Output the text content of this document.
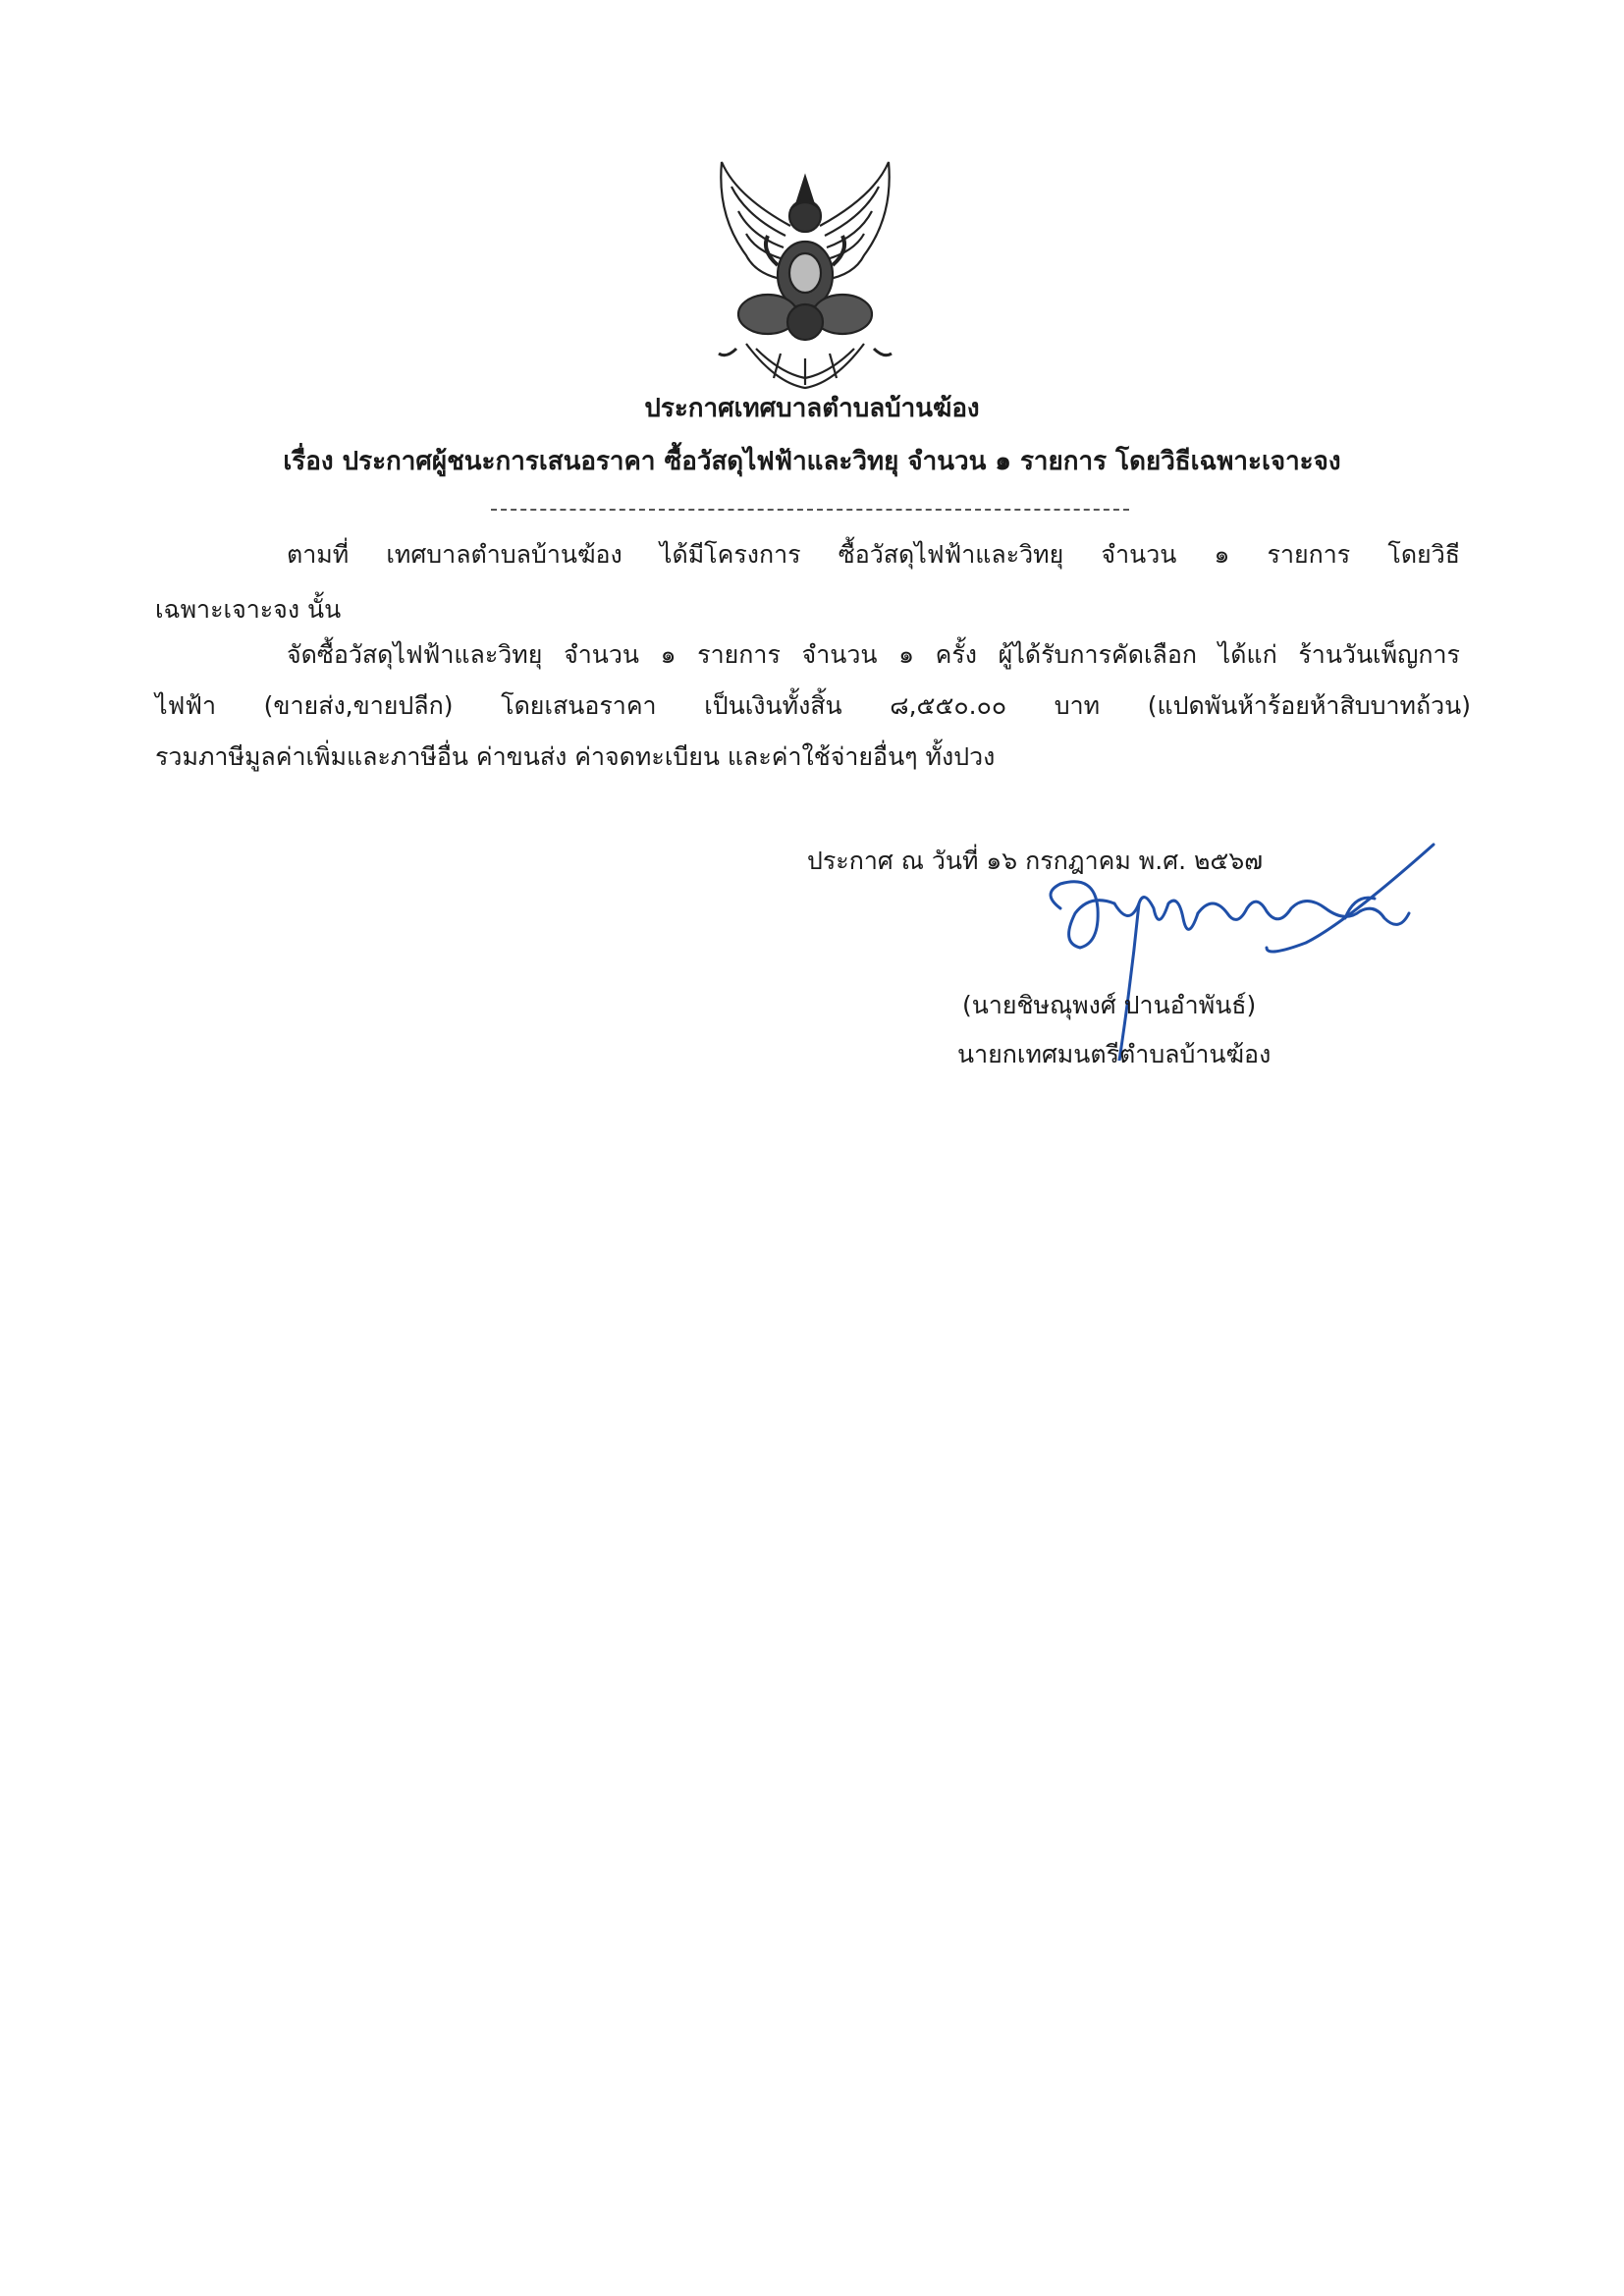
ประกาศเทศบาลตำบลบ้านฆ้อง
เรื่อง ประกาศผู้ชนะการเสนอราคา ซื้อวัสดุไฟฟ้าและวิทยุ จำนวน ๑ รายการ โดยวิธีเฉพาะเจาะจง
ตามที่ เทศบาลตำบลบ้านฆ้อง ได้มีโครงการ ซื้อวัสดุไฟฟ้าและวิทยุ จำนวน ๑ รายการ โดยวิธี
เฉพาะเจาะจง นั้น
จัดซื้อวัสดุไฟฟ้าและวิทยุ จำนวน ๑ รายการ จำนวน ๑ ครั้ง ผู้ได้รับการคัดเลือก ได้แก่ ร้านวันเพ็ญการ
ไฟฟ้า (ขายส่ง,ขายปลีก) โดยเสนอราคา เป็นเงินทั้งสิ้น ๘,๕๕๐.๐๐ บาท (แปดพันห้าร้อยห้าสิบบาทถ้วน)
รวมภาษีมูลค่าเพิ่มและภาษีอื่น ค่าขนส่ง ค่าจดทะเบียน และค่าใช้จ่ายอื่นๆ ทั้งปวง
ประกาศ ณ วันที่ ๑๖ กรกฎาคม พ.ศ. ๒๕๖๗
(นายชิษณุพงศ์ ปานอำพันธ์)
นายกเทศมนตรีตำบลบ้านฆ้อง
